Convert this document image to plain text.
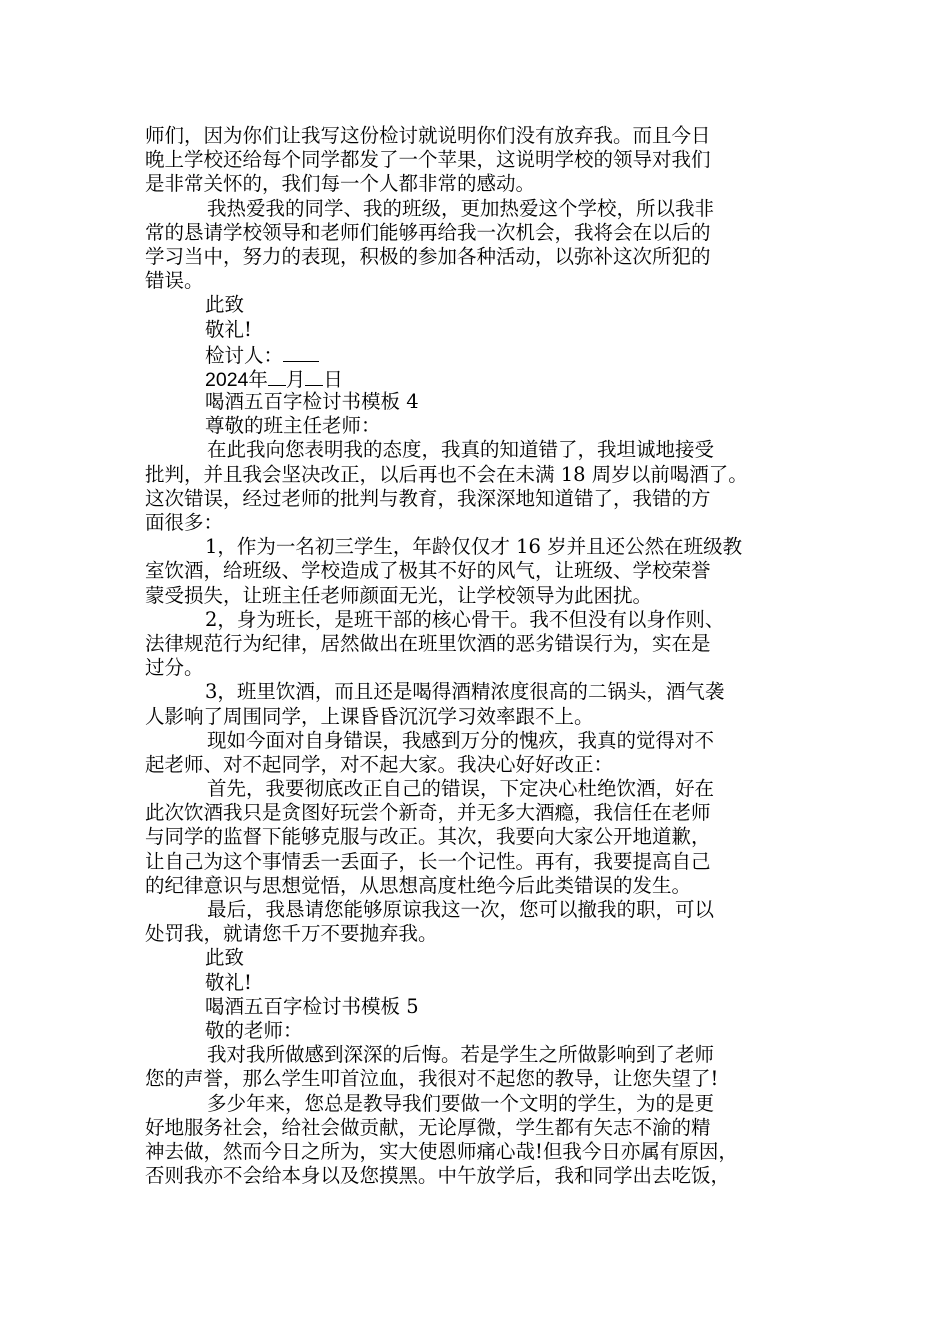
师们，因为你们让我写这份检讨就说明你们没有放弃我。而且今日
晚上学校还给每个同学都发了一个苹果，这说明学校的领导对我们
是非常关怀的，我们每一个人都非常的感动。
我热爱我的同学、我的班级，更加热爱这个学校，所以我非
常的恳请学校领导和老师们能够再给我一次机会，我将会在以后的
学习当中，努力的表现，积极的参加各种活动，以弥补这次所犯的
错误。
此致
敬礼!
检讨人：
2024年 月 日
喝酒五百字检讨书模板 4
尊敬的班主任老师：
在此我向您表明我的态度，我真的知道错了，我坦诚地接受
批判，并且我会坚决改正，以后再也不会在未满 18 周岁以前喝酒了。
这次错误，经过老师的批判与教育，我深深地知道错了，我错的方
面很多：
1，作为一名初三学生，年龄仅仅才 16 岁并且还公然在班级教
室饮酒，给班级、学校造成了极其不好的风气，让班级、学校荣誉
蒙受损失，让班主任老师颜面无光，让学校领导为此困扰。
2，身为班长，是班干部的核心骨干。我不但没有以身作则、
法律规范行为纪律，居然做出在班里饮酒的恶劣错误行为，实在是
过分。
3，班里饮酒，而且还是喝得酒精浓度很高的二锅头，酒气袭
人影响了周围同学，上课昏昏沉沉学习效率跟不上。
现如今面对自身错误，我感到万分的愧疚，我真的觉得对不
起老师、对不起同学，对不起大家。我决心好好改正：
首先，我要彻底改正自己的错误，下定决心杜绝饮酒，好在
此次饮酒我只是贪图好玩尝个新奇，并无多大酒瘾，我信任在老师
与同学的监督下能够克服与改正。其次，我要向大家公开地道歉，
让自己为这个事情丢一丢面子，长一个记性。再有，我要提高自己
的纪律意识与思想觉悟，从思想高度杜绝今后此类错误的发生。
最后，我恳请您能够原谅我这一次，您可以撤我的职，可以
处罚我，就请您千万不要抛弃我。
此致
敬礼!
喝酒五百字检讨书模板 5
敬的老师：
我对我所做感到深深的后悔。若是学生之所做影响到了老师
您的声誉，那么学生叩首泣血，我很对不起您的教导，让您失望了!
多少年来，您总是教导我们要做一个文明的学生，为的是更
好地服务社会，给社会做贡献，无论厚微，学生都有矢志不渝的精
神去做，然而今日之所为，实大使恩师痛心哉!但我今日亦属有原因，
否则我亦不会给本身以及您摸黑。中午放学后，我和同学出去吃饭，
